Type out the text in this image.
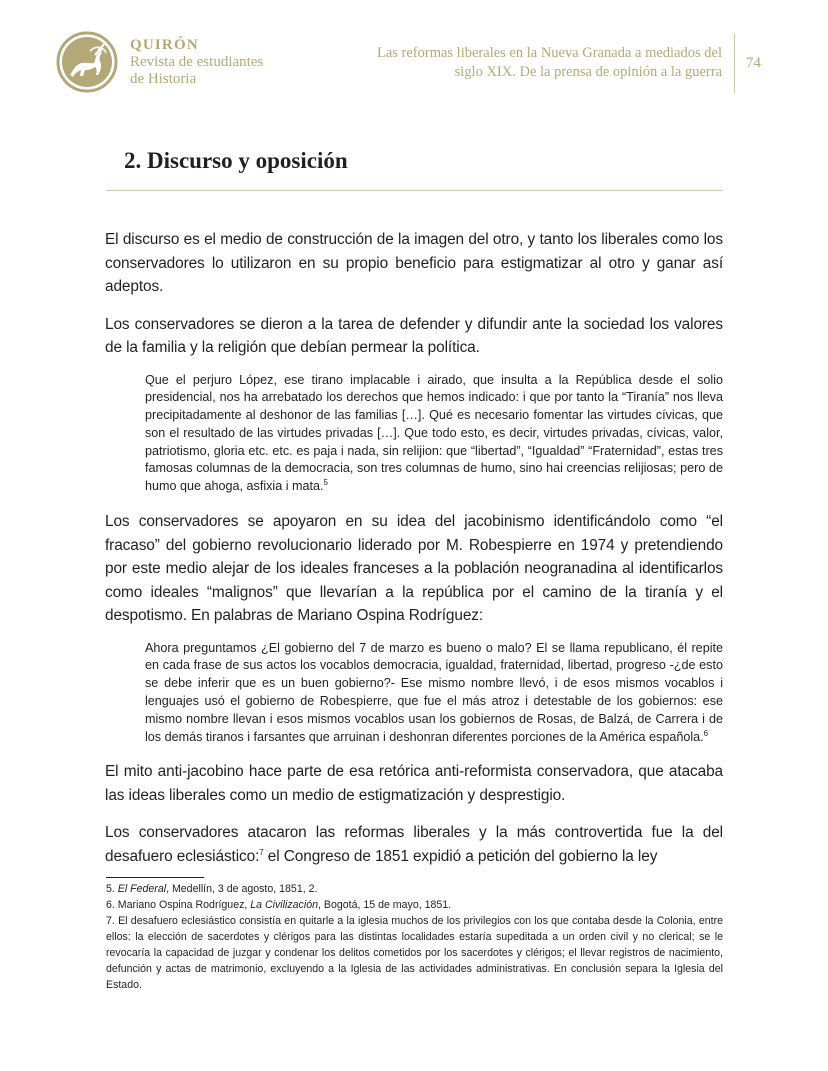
QUIRÓN
Revista de estudiantes
de Historia
Las reformas liberales en la Nueva Granada a mediados del
siglo XIX. De la prensa de opinión a la guerra
74
2. Discurso y oposición

El discurso es el medio de construcción de la imagen del otro, y tanto los liberales como los conservadores lo utilizaron en su propio beneficio para estigmatizar al otro y ganar así adeptos.

Los conservadores se dieron a la tarea de defender y difundir ante la sociedad los valores de la familia y la religión que debían permear la política.

Que el perjuro López, ese tirano implacable i airado, que insulta a la República desde el solio presidencial, nos ha arrebatado los derechos que hemos indicado: i que por tanto la “Tiranía” nos lleva precipitadamente al deshonor de las familias […]. Qué es necesario fomentar las virtudes cívicas, que son el resultado de las virtudes privadas […]. Que todo esto, es decir, virtudes privadas, cívicas, valor, patriotismo, gloria etc. etc. es paja i nada, sin relijion: que “libertad”, “Igualdad” “Fraternidad”, estas tres famosas columnas de la democracia, son tres columnas de humo, sino hai creencias relijiosas; pero de humo que ahoga, asfixia i mata.$^5$

Los conservadores se apoyaron en su idea del jacobinismo identificándolo como “el fracaso” del gobierno revolucionario liderado por M. Robespierre en 1974 y pretendiendo por este medio alejar de los ideales franceses a la población neogranadina al identificarlos como ideales “malignos” que llevarían a la república por el camino de la tiranía y el despotismo. En palabras de Mariano Ospina Rodríguez:

Ahora preguntamos ¿El gobierno del 7 de marzo es bueno o malo? El se llama republicano, él repite en cada frase de sus actos los vocablos democracia, igualdad, fraternidad, libertad, progreso -¿de esto se debe inferir que es un buen gobierno?- Ese mismo nombre llevó, i de esos mismos vocablos i lenguajes usó el gobierno de Robespierre, que fue el más atroz i detestable de los gobiernos: ese mismo nombre llevan i esos mismos vocablos usan los gobiernos de Rosas, de Balzá, de Carrera i de los demás tiranos i farsantes que arruinan i deshonran diferentes porciones de la América española.$^6$

El mito anti-jacobino hace parte de esa retórica anti-reformista conservadora, que atacaba las ideas liberales como un medio de estigmatización y desprestigio.

Los conservadores atacaron las reformas liberales y la más controvertida fue la del desafuero eclesiástico:$^7$ el Congreso de 1851 expidió a petición del gobierno la ley

5. El Federal, Medellín, 3 de agosto, 1851, 2.

6. Mariano Ospina Rodríguez, La Civilización, Bogotá, 15 de mayo, 1851.

7. El desafuero eclesiástico consistía en quitarle a la iglesia muchos de los privilegios con los que contaba desde la Colonia, entre ellos: la elección de sacerdotes y clérigos para las distintas localidades estaría supeditada a un orden civil y no clerical; se le revocaría la capacidad de juzgar y condenar los delitos cometidos por los sacerdotes y clérigos; el llevar registros de nacimiento, defunción y actas de matrimonio, excluyendo a la Iglesia de las actividades administrativas. En conclusión separa la Iglesia del Estado.
